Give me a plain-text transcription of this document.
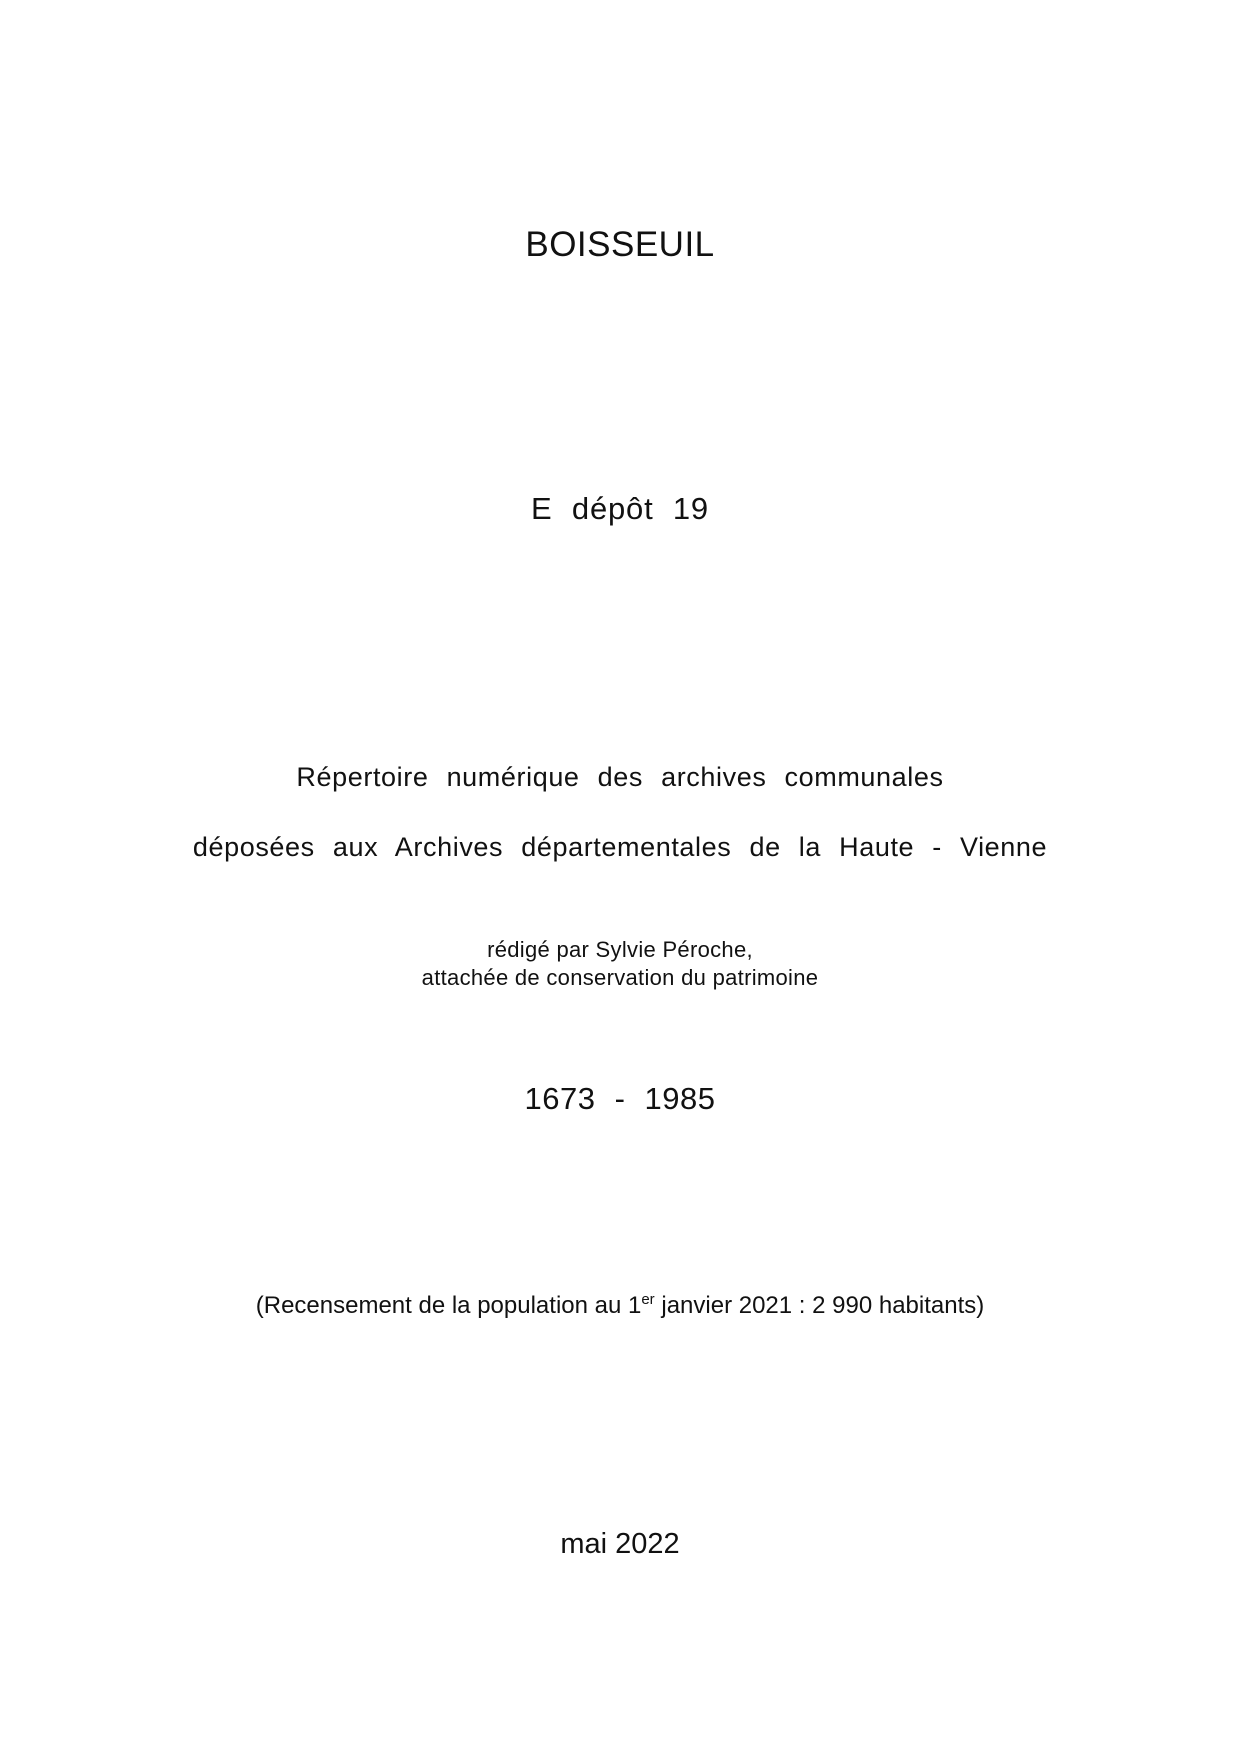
BOISSEUIL
E dépôt 19
Répertoire numérique des archives communales
déposées aux Archives départementales de la Haute - Vienne
rédigé par Sylvie Péroche,
attachée de conservation du patrimoine
1673 - 1985
(Recensement de la population au 1er janvier 2021 : 2 990 habitants)
mai 2022
